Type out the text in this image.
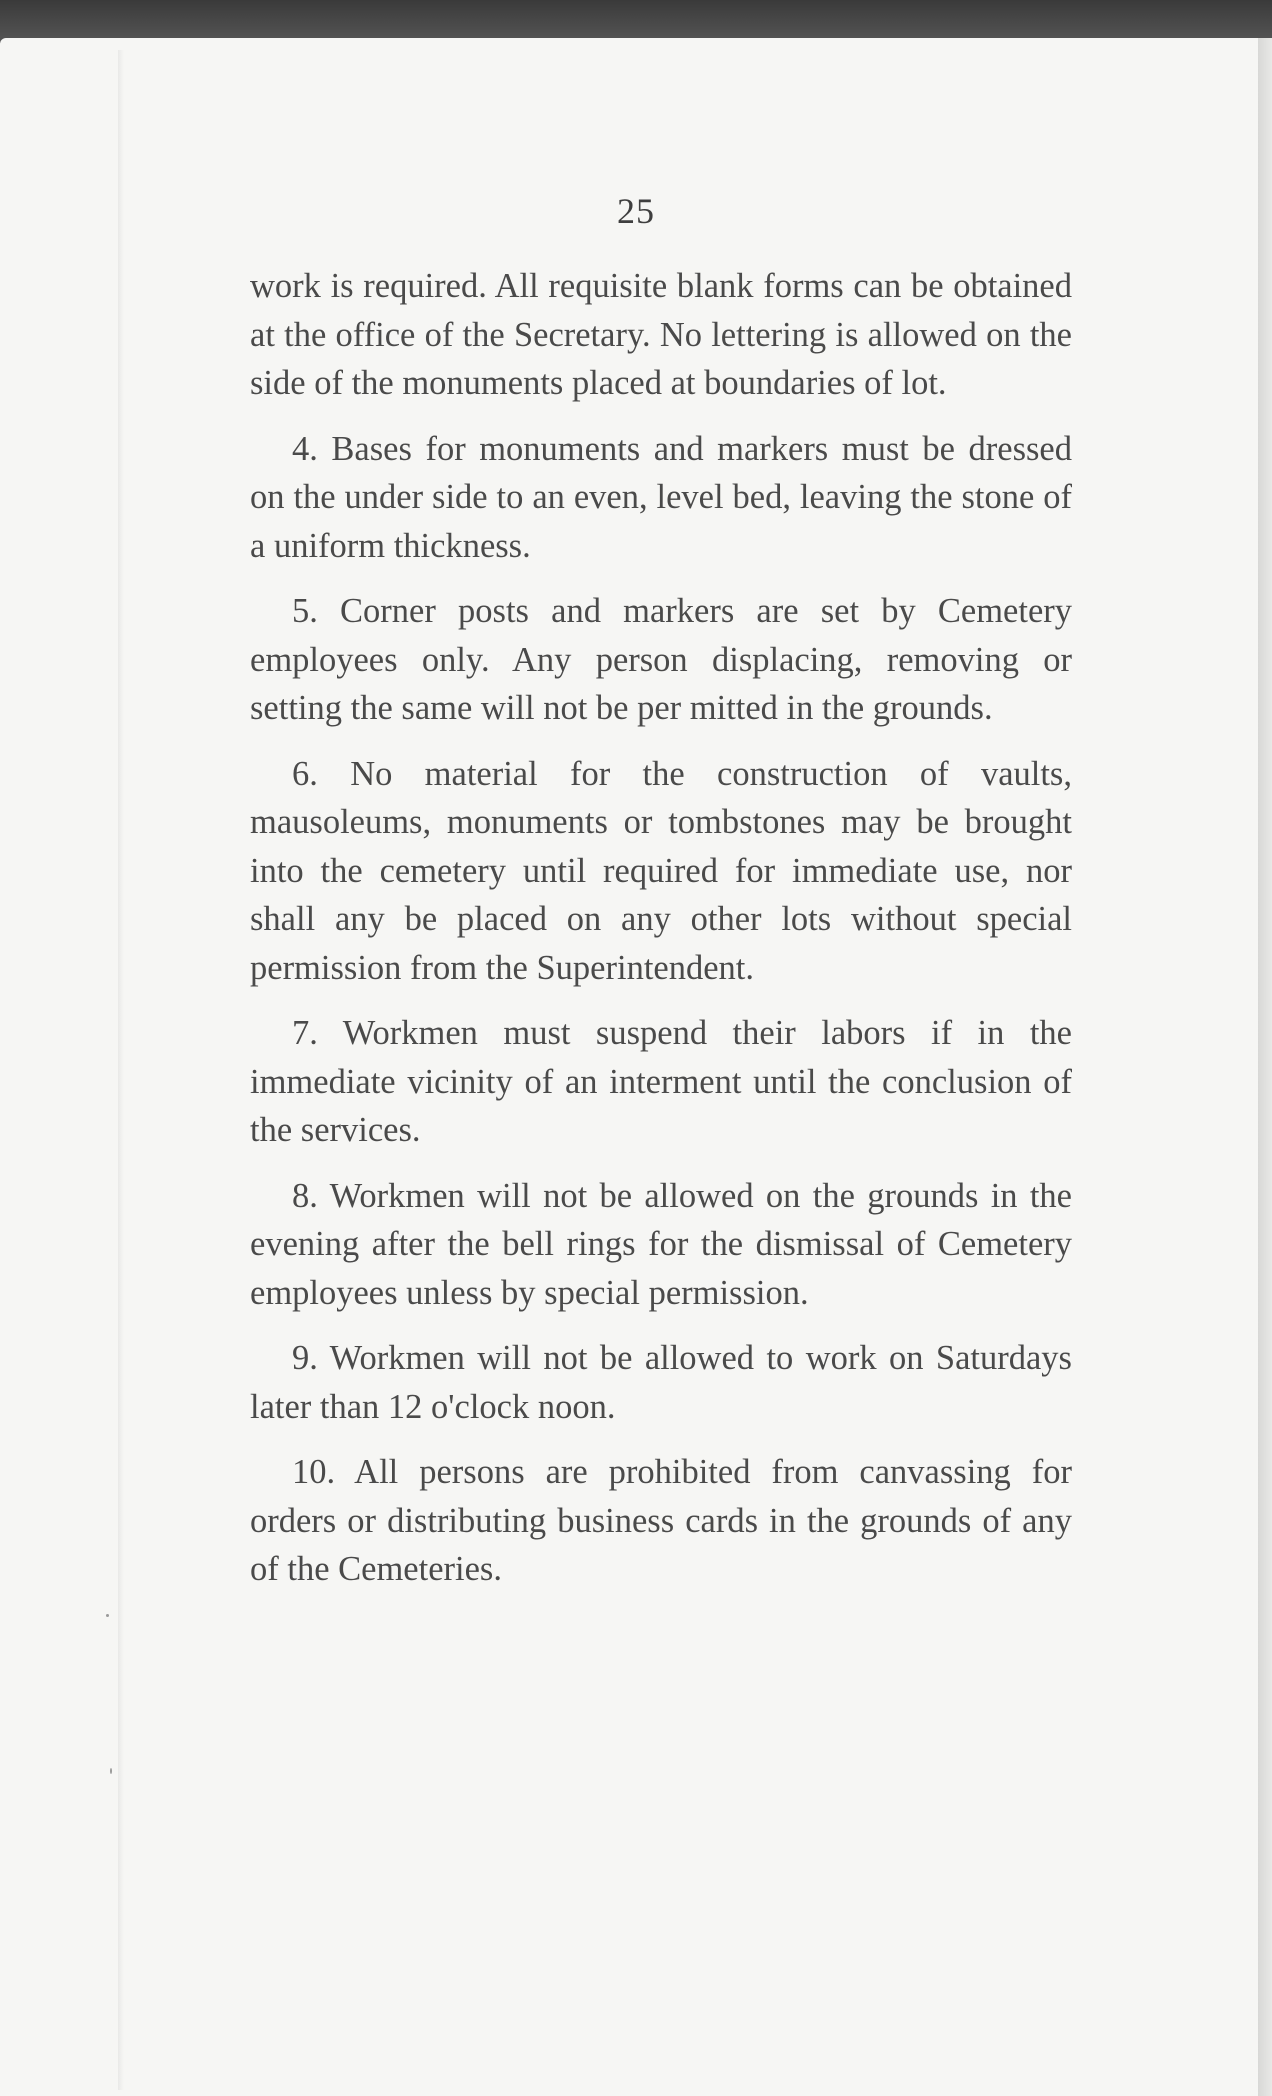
25

work is required. All requisite blank forms can be obtained at the office of the Secretary. No lettering is allowed on the side of the monuments placed at boundaries of lot.

4. Bases for monuments and markers must be dressed on the under side to an even, level bed, leaving the stone of a uniform thickness.

5. Corner posts and markers are set by Cemetery employees only. Any person displacing, removing or setting the same will not be per mitted in the grounds.

6. No material for the construction of vaults, mausoleums, monuments or tombstones may be brought into the cemetery until required for immediate use, nor shall any be placed on any other lots without special permission from the Superintendent.

7. Workmen must suspend their labors if in the immediate vicinity of an interment until the conclusion of the services.

8. Workmen will not be allowed on the grounds in the evening after the bell rings for the dismissal of Cemetery employees unless by special permission.

9. Workmen will not be allowed to work on Saturdays later than 12 o'clock noon.

10. All persons are prohibited from canvassing for orders or distributing business cards in the grounds of any of the Cemeteries.
